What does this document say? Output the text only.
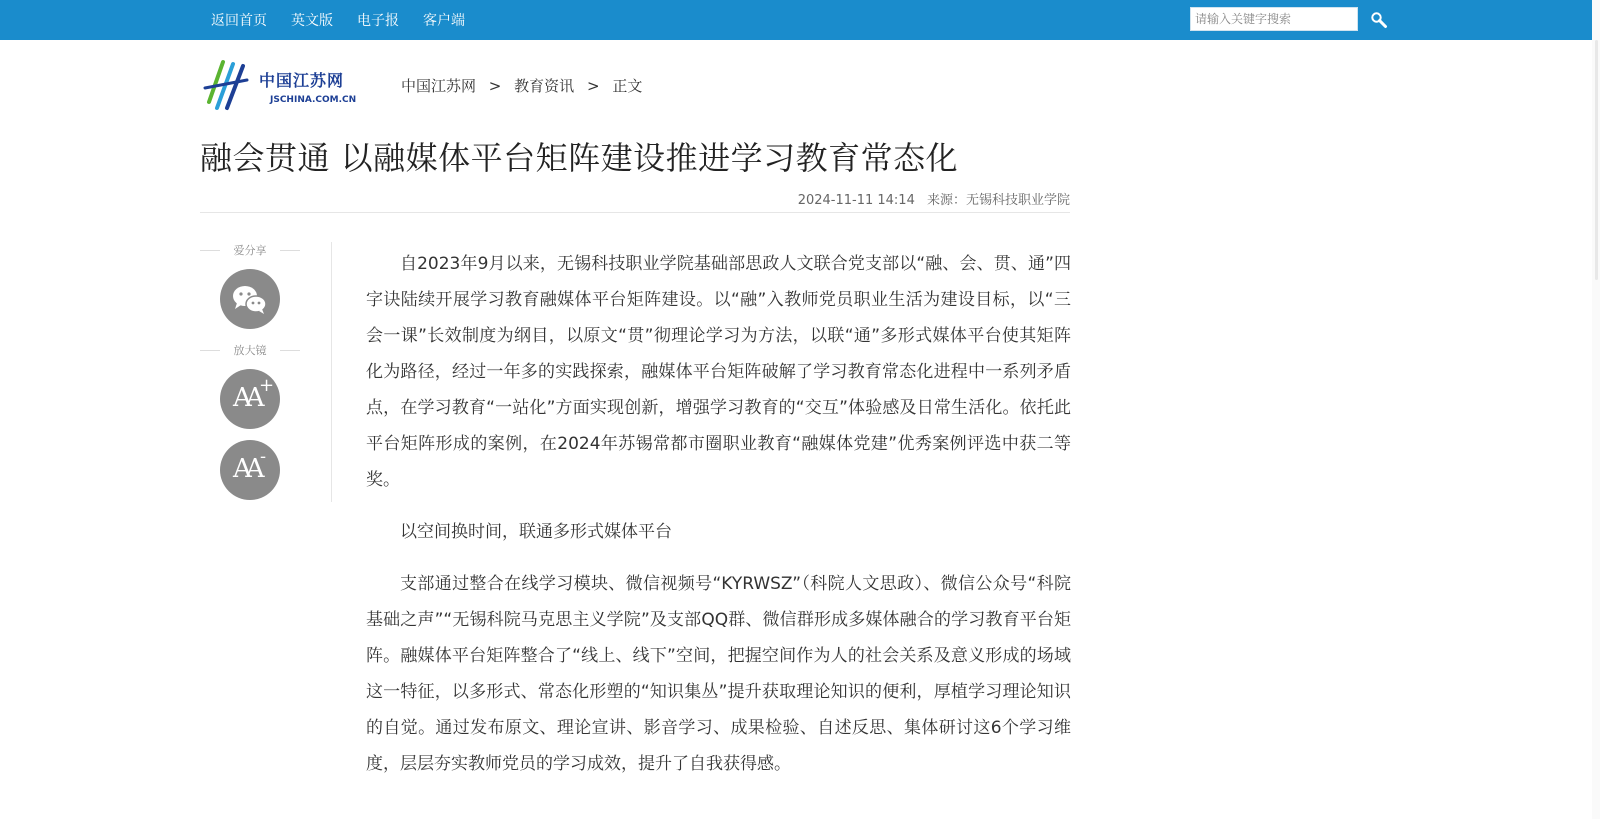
返回首页 英文版 电子报 客户端
请输入关键字搜索
中国江苏网
JSCHINA.COM.CN
中国江苏网 > 教育资讯 > 正文
融会贯通 以融媒体平台矩阵建设推进学习教育常态化
2024-11-11 14:14 来源：无锡科技职业学院
爱分享
放大镜
AA +
AA -

自2023年9月以来，无锡科技职业学院基础部思政人文联合党支部以“融、会、贯、通”四字诀陆续开展学习教育融媒体平台矩阵建设。以“融”入教师党员职业生活为建设目标，以“三会一课”长效制度为纲目，以原文“贯”彻理论学习为方法，以联“通”多形式媒体平台使其矩阵化为路径，经过一年多的实践探索，融媒体平台矩阵破解了学习教育常态化进程中一系列矛盾点，在学习教育“一站化”方面实现创新，增强学习教育的“交互”体验感及日常生活化。依托此平台矩阵形成的案例，在2024年苏锡常都市圈职业教育“融媒体党建”优秀案例评选中获二等奖。

以空间换时间，联通多形式媒体平台

支部通过整合在线学习模块、微信视频号“KYRWSZ”（科院人文思政）、微信公众号“科院基础之声”“无锡科院马克思主义学院”及支部QQ群、微信群形成多媒体融合的学习教育平台矩阵。融媒体平台矩阵整合了“线上、线下”空间，把握空间作为人的社会关系及意义形成的场域这一特征，以多形式、常态化形塑的“知识集丛”提升获取理论知识的便利，厚植学习理论知识的自觉。通过发布原文、理论宣讲、影音学习、成果检验、自述反思、集体研讨这6个学习维度，层层夯实教师党员的学习成效，提升了自我获得感。
